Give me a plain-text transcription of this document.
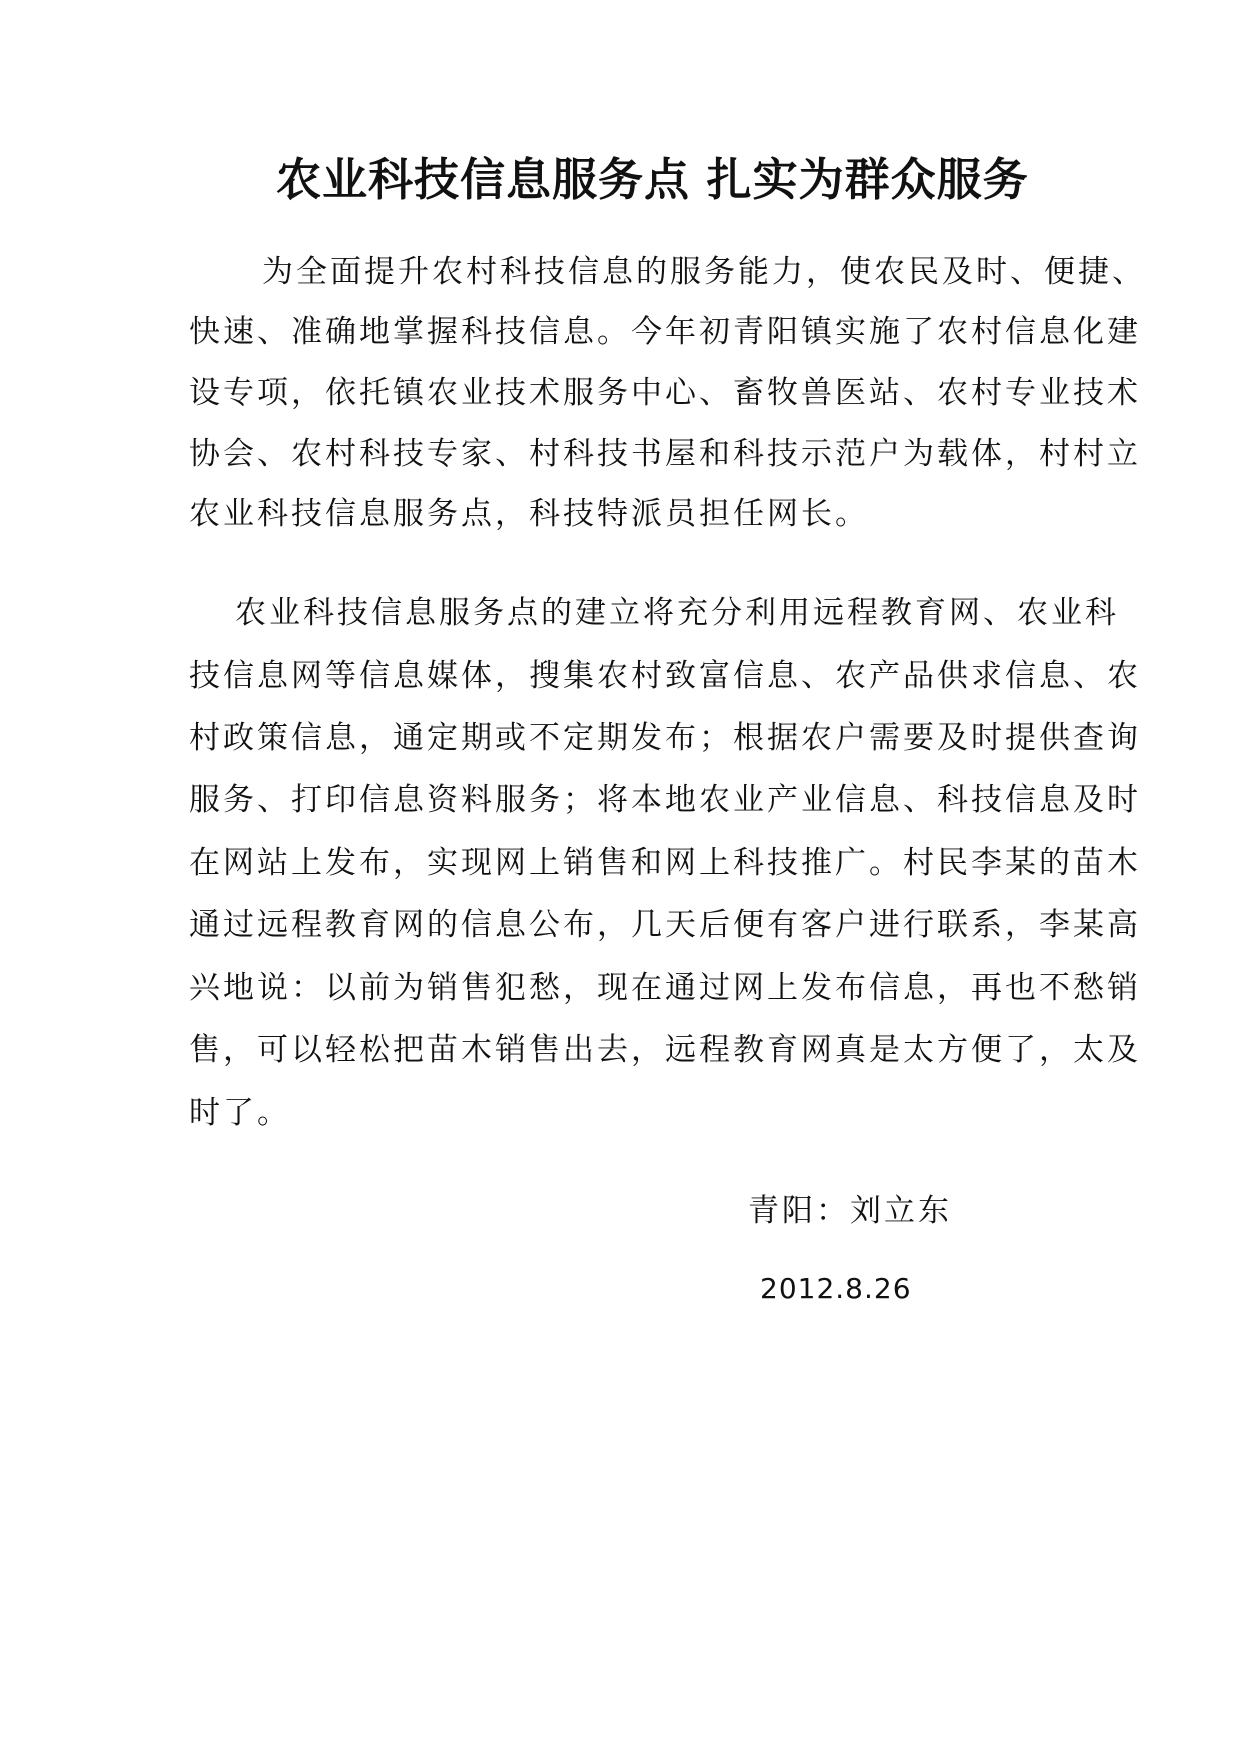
农业科技信息服务点 扎实为群众服务
为全面提升农村科技信息的服务能力，使农民及时、便捷、
快速、准确地掌握科技信息。今年初青阳镇实施了农村信息化建
设专项，依托镇农业技术服务中心、畜牧兽医站、农村专业技术
协会、农村科技专家、村科技书屋和科技示范户为载体，村村立
农业科技信息服务点，科技特派员担任网长。
农业科技信息服务点的建立将充分利用远程教育网、农业科
技信息网等信息媒体，搜集农村致富信息、农产品供求信息、农
村政策信息，通定期或不定期发布；根据农户需要及时提供查询
服务、打印信息资料服务；将本地农业产业信息、科技信息及时
在网站上发布，实现网上销售和网上科技推广。村民李某的苗木
通过远程教育网的信息公布，几天后便有客户进行联系，李某高
兴地说：以前为销售犯愁，现在通过网上发布信息，再也不愁销
售，可以轻松把苗木销售出去，远程教育网真是太方便了，太及
时了。
青阳：刘立东
2012.8.26
